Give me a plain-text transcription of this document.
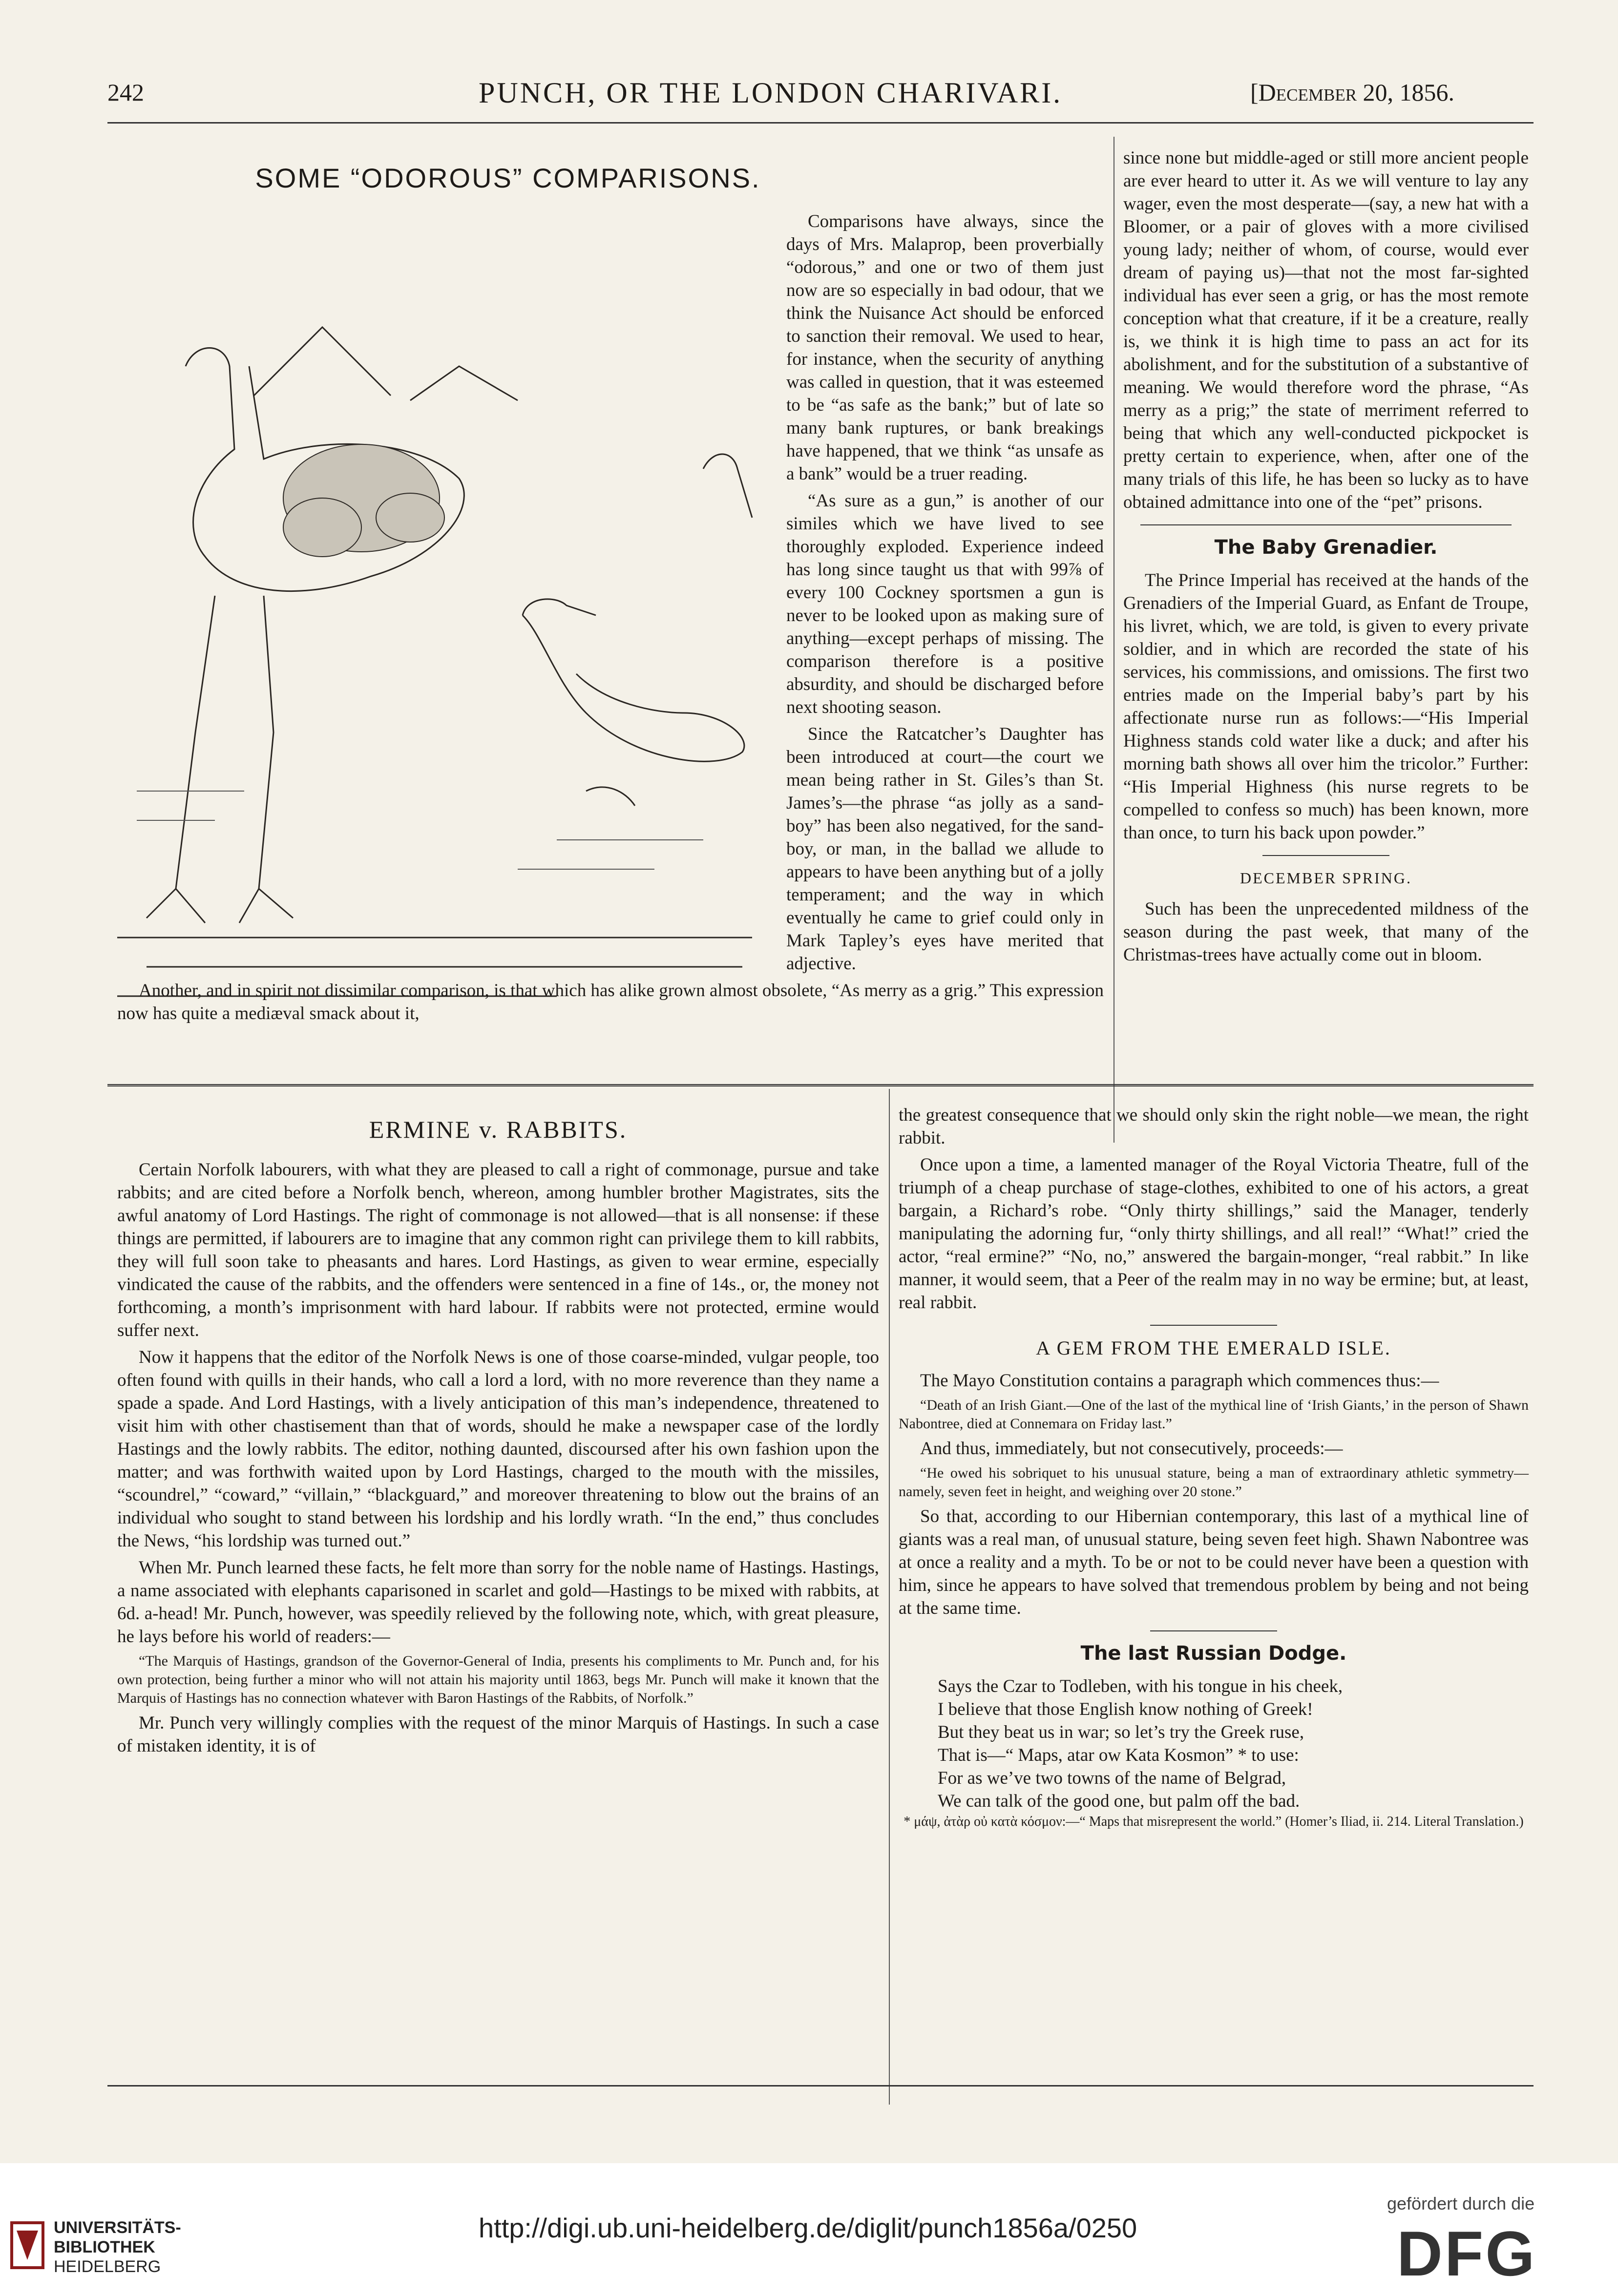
242	PUNCH, OR THE LONDON CHARIVARI.	[December 20, 1856.
SOME “ODOROUS” COMPARISONS.

Comparisons have always, since the days of Mrs. Malaprop, been proverbially “odorous,” and one or two of them just now are so especially in bad odour, that we think the Nuisance Act should be enforced to sanction their removal. We used to hear, for instance, when the security of anything was called in question, that it was esteemed to be “as safe as the bank;” but of late so many bank ruptures, or bank breakings have happened, that we think “as unsafe as a bank” would be a truer reading.

“As sure as a gun,” is another of our similes which we have lived to see thoroughly exploded. Experience indeed has long since taught us that with 99⅞ of every 100 Cockney sportsmen a gun is never to be looked upon as making sure of anything—except perhaps of missing. The comparison therefore is a positive absurdity, and should be discharged before next shooting season.

Since the Ratcatcher’s Daughter has been introduced at court—the court we mean being rather in St. Giles’s than St. James’s—the phrase “as jolly as a sand-boy” has been also negatived, for the sand-boy, or man, in the ballad we allude to appears to have been anything but of a jolly temperament; and the way in which eventually he came to grief could only in Mark Tapley’s eyes have merited that adjective.

Another, and in spirit not dissimilar comparison, is that which has alike grown almost obsolete, “As merry as a grig.” This expression now has quite a mediæval smack about it,

since none but middle-aged or still more ancient people are ever heard to utter it. As we will venture to lay any wager, even the most desperate—(say, a new hat with a Bloomer, or a pair of gloves with a more civilised young lady; neither of whom, of course, would ever dream of paying us)—that not the most far-sighted individual has ever seen a grig, or has the most remote conception what that creature, if it be a creature, really is, we think it is high time to pass an act for its abolishment, and for the substitution of a substantive of meaning. We would therefore word the phrase, “As merry as a prig;” the state of merriment referred to being that which any well-conducted pickpocket is pretty certain to experience, when, after one of the many trials of this life, he has been so lucky as to have obtained admittance into one of the “pet” prisons.

The Baby Grenadier.

The Prince Imperial has received at the hands of the Grenadiers of the Imperial Guard, as Enfant de Troupe, his livret, which, we are told, is given to every private soldier, and in which are recorded the state of his services, his commissions, and omissions. The first two entries made on the Imperial baby’s part by his affectionate nurse run as follows:—“His Imperial Highness stands cold water like a duck; and after his morning bath shows all over him the tricolor.” Further: “His Imperial Highness (his nurse regrets to be compelled to confess so much) has been known, more than once, to turn his back upon powder.”

DECEMBER SPRING.

Such has been the unprecedented mildness of the season during the past week, that many of the Christmas-trees have actually come out in bloom.

ERMINE v. RABBITS.

Certain Norfolk labourers, with what they are pleased to call a right of commonage, pursue and take rabbits; and are cited before a Norfolk bench, whereon, among humbler brother Magistrates, sits the awful anatomy of Lord Hastings. The right of commonage is not allowed—that is all nonsense: if these things are permitted, if labourers are to imagine that any common right can privilege them to kill rabbits, they will full soon take to pheasants and hares. Lord Hastings, as given to wear ermine, especially vindicated the cause of the rabbits, and the offenders were sentenced in a fine of 14s., or, the money not forthcoming, a month’s imprisonment with hard labour. If rabbits were not protected, ermine would suffer next.

Now it happens that the editor of the Norfolk News is one of those coarse-minded, vulgar people, too often found with quills in their hands, who call a lord a lord, with no more reverence than they name a spade a spade. And Lord Hastings, with a lively anticipation of this man’s independence, threatened to visit him with other chastisement than that of words, should he make a newspaper case of the lordly Hastings and the lowly rabbits. The editor, nothing daunted, discoursed after his own fashion upon the matter; and was forthwith waited upon by Lord Hastings, charged to the mouth with the missiles, “scoundrel,” “coward,” “villain,” “blackguard,” and moreover threatening to blow out the brains of an individual who sought to stand between his lordship and his lordly wrath. “In the end,” thus concludes the News, “his lordship was turned out.”

When Mr. Punch learned these facts, he felt more than sorry for the noble name of Hastings. Hastings, a name associated with elephants caparisoned in scarlet and gold—Hastings to be mixed with rabbits, at 6d. a-head! Mr. Punch, however, was speedily relieved by the following note, which, with great pleasure, he lays before his world of readers:—

“The Marquis of Hastings, grandson of the Governor-General of India, presents his compliments to Mr. Punch and, for his own protection, being further a minor who will not attain his majority until 1863, begs Mr. Punch will make it known that the Marquis of Hastings has no connection whatever with Baron Hastings of the Rabbits, of Norfolk.”

Mr. Punch very willingly complies with the request of the minor Marquis of Hastings. In such a case of mistaken identity, it is of

the greatest consequence that we should only skin the right noble—we mean, the right rabbit.

Once upon a time, a lamented manager of the Royal Victoria Theatre, full of the triumph of a cheap purchase of stage-clothes, exhibited to one of his actors, a great bargain, a Richard’s robe. “Only thirty shillings,” said the Manager, tenderly manipulating the adorning fur, “only thirty shillings, and all real!” “What!” cried the actor, “real ermine?” “No, no,” answered the bargain-monger, “real rabbit.” In like manner, it would seem, that a Peer of the realm may in no way be ermine; but, at least, real rabbit.

A GEM FROM THE EMERALD ISLE.

The Mayo Constitution contains a paragraph which commences thus:—

“Death of an Irish Giant.—One of the last of the mythical line of ‘Irish Giants,’ in the person of Shawn Nabontree, died at Connemara on Friday last.”

And thus, immediately, but not consecutively, proceeds:—

“He owed his sobriquet to his unusual stature, being a man of extraordinary athletic symmetry—namely, seven feet in height, and weighing over 20 stone.”

So that, according to our Hibernian contemporary, this last of a mythical line of giants was a real man, of unusual stature, being seven feet high. Shawn Nabontree was at once a reality and a myth. To be or not to be could never have been a question with him, since he appears to have solved that tremendous problem by being and not being at the same time.

The last Russian Dodge.
Says the Czar to Todleben, with his tongue in his cheek,
I believe that those English know nothing of Greek!
But they beat us in war; so let’s try the Greek ruse,
That is—“ Maps, atar ow Kata Kosmon” * to use:
For as we’ve two towns of the name of Belgrad,
We can talk of the good one, but palm off the bad.

* μάψ, ἀτὰρ οὐ κατὰ κόσμον:—“ Maps that misrepresent the world.” (Homer’s Iliad, ii. 214. Literal Translation.)

UNIVERSITÄTS-
BIBLIOTHEK
HEIDELBERG
http://digi.ub.uni-heidelberg.de/diglit/punch1856a/0250
gefördert durch die
DFG
